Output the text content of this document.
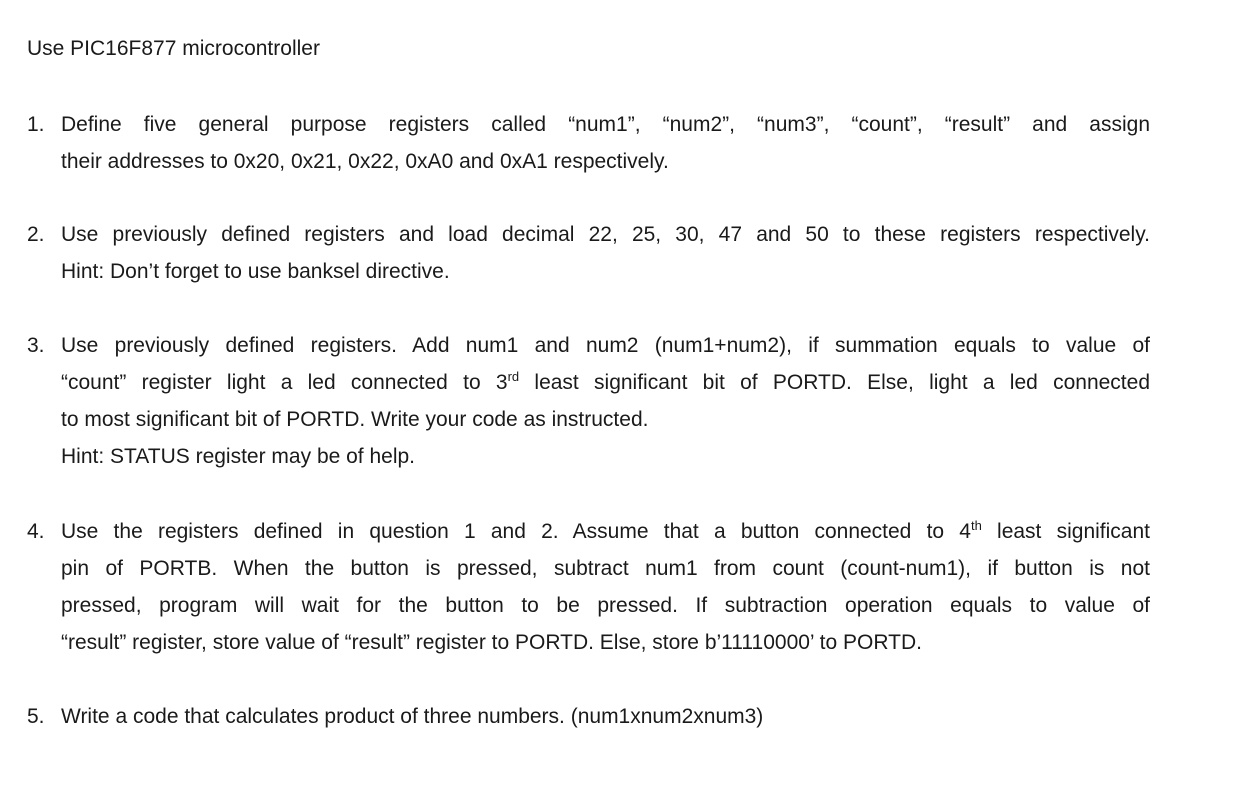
Use PIC16F877 microcontroller
1. Define five general purpose registers called “num1”, “num2”, “num3”, “count”, “result” and assign
their addresses to 0x20, 0x21, 0x22, 0xA0 and 0xA1 respectively.
2. Use previously defined registers and load decimal 22, 25, 30, 47 and 50 to these registers respectively.
Hint: Don’t forget to use banksel directive.
3. Use previously defined registers. Add num1 and num2 (num1+num2), if summation equals to value of
“count” register light a led connected to 3rd least significant bit of PORTD. Else, light a led connected
to most significant bit of PORTD. Write your code as instructed.
Hint: STATUS register may be of help.
4. Use the registers defined in question 1 and 2. Assume that a button connected to 4th least significant
pin of PORTB. When the button is pressed, subtract num1 from count (count-num1), if button is not
pressed, program will wait for the button to be pressed. If subtraction operation equals to value of
“result” register, store value of “result” register to PORTD. Else, store b’11110000’ to PORTD.
5. Write a code that calculates product of three numbers. (num1xnum2xnum3)
